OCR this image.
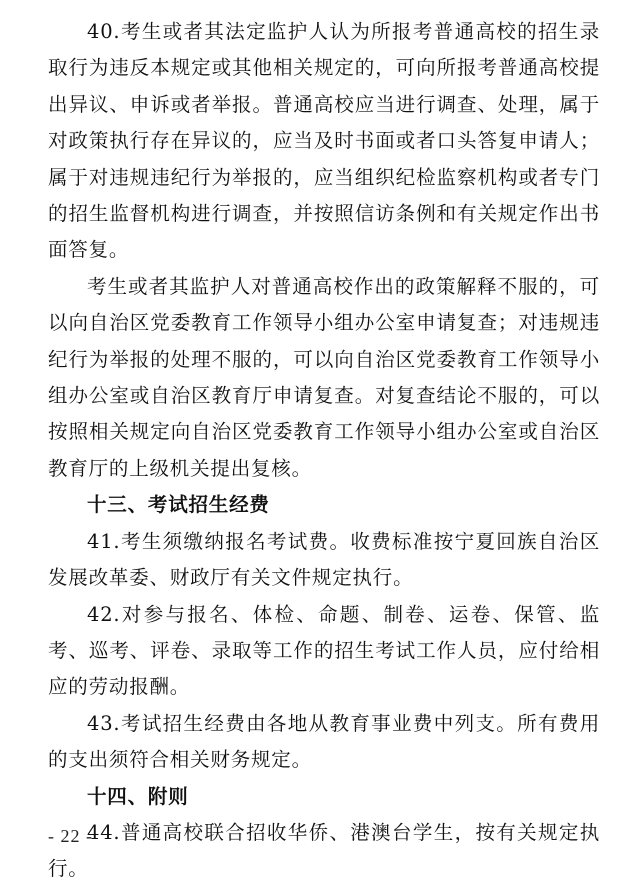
40.考生或者其法定监护人认为所报考普通高校的招生录取行为违反本规定或其他相关规定的，可向所报考普通高校提出异议、申诉或者举报。普通高校应当进行调查、处理，属于对政策执行存在异议的，应当及时书面或者口头答复申请人；属于对违规违纪行为举报的，应当组织纪检监察机构或者专门的招生监督机构进行调查，并按照信访条例和有关规定作出书面答复。

考生或者其监护人对普通高校作出的政策解释不服的，可以向自治区党委教育工作领导小组办公室申请复查；对违规违纪行为举报的处理不服的，可以向自治区党委教育工作领导小组办公室或自治区教育厅申请复查。对复查结论不服的，可以按照相关规定向自治区党委教育工作领导小组办公室或自治区教育厅的上级机关提出复核。

十三、考试招生经费

41.考生须缴纳报名考试费。收费标准按宁夏回族自治区发展改革委、财政厅有关文件规定执行。

42.对参与报名、体检、命题、制卷、运卷、保管、监考、巡考、评卷、录取等工作的招生考试工作人员，应付给相应的劳动报酬。

43.考试招生经费由各地从教育事业费中列支。所有费用的支出须符合相关财务规定。

十四、附则

44.普通高校联合招收华侨、港澳台学生，按有关规定执行。

- 22 -
